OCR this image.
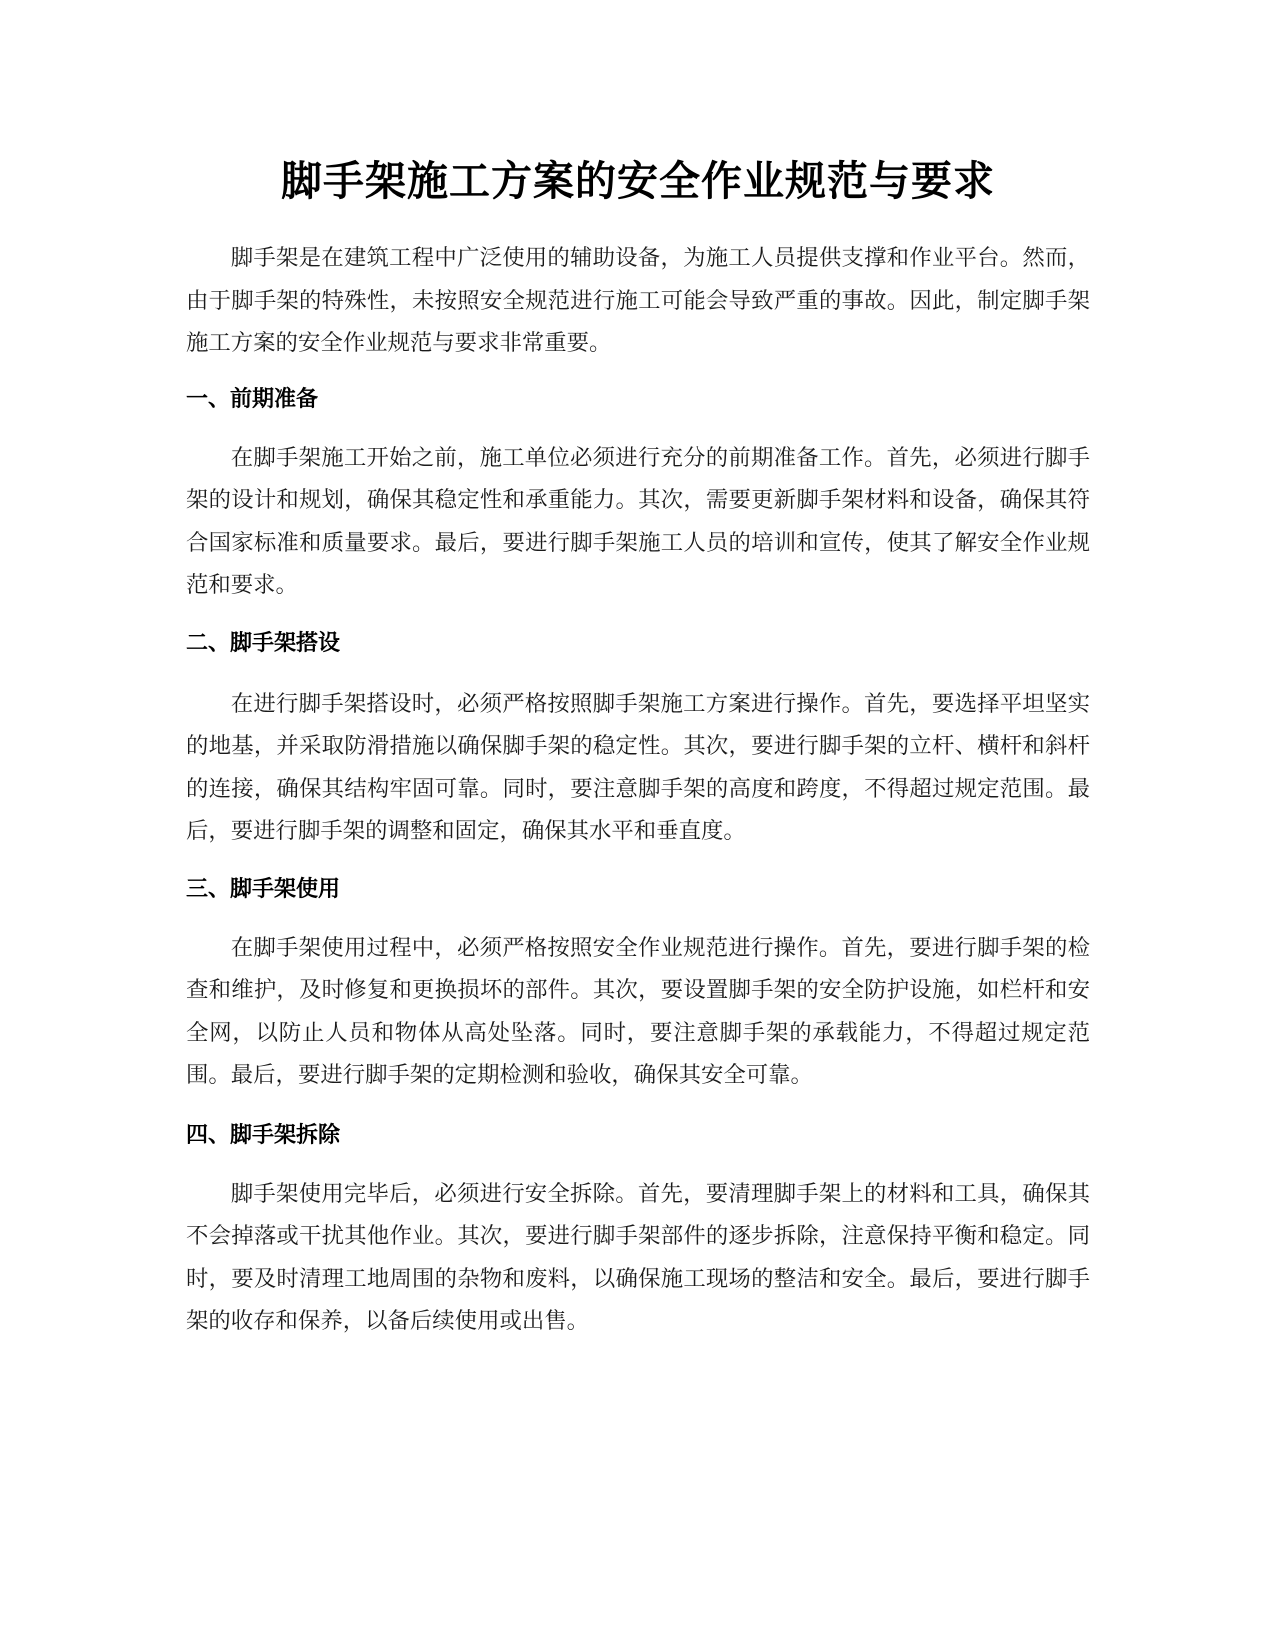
脚手架施工方案的安全作业规范与要求

脚手架是在建筑工程中广泛使用的辅助设备，为施工人员提供支撑和作业平台。然而，由于脚手架的特殊性，未按照安全规范进行施工可能会导致严重的事故。因此，制定脚手架施工方案的安全作业规范与要求非常重要。

一、前期准备

在脚手架施工开始之前，施工单位必须进行充分的前期准备工作。首先，必须进行脚手架的设计和规划，确保其稳定性和承重能力。其次，需要更新脚手架材料和设备，确保其符合国家标准和质量要求。最后，要进行脚手架施工人员的培训和宣传，使其了解安全作业规范和要求。

二、脚手架搭设

在进行脚手架搭设时，必须严格按照脚手架施工方案进行操作。首先，要选择平坦坚实的地基，并采取防滑措施以确保脚手架的稳定性。其次，要进行脚手架的立杆、横杆和斜杆的连接，确保其结构牢固可靠。同时，要注意脚手架的高度和跨度，不得超过规定范围。最后，要进行脚手架的调整和固定，确保其水平和垂直度。

三、脚手架使用

在脚手架使用过程中，必须严格按照安全作业规范进行操作。首先，要进行脚手架的检查和维护，及时修复和更换损坏的部件。其次，要设置脚手架的安全防护设施，如栏杆和安全网，以防止人员和物体从高处坠落。同时，要注意脚手架的承载能力，不得超过规定范围。最后，要进行脚手架的定期检测和验收，确保其安全可靠。

四、脚手架拆除

脚手架使用完毕后，必须进行安全拆除。首先，要清理脚手架上的材料和工具，确保其不会掉落或干扰其他作业。其次，要进行脚手架部件的逐步拆除，注意保持平衡和稳定。同时，要及时清理工地周围的杂物和废料，以确保施工现场的整洁和安全。最后，要进行脚手架的收存和保养，以备后续使用或出售。
